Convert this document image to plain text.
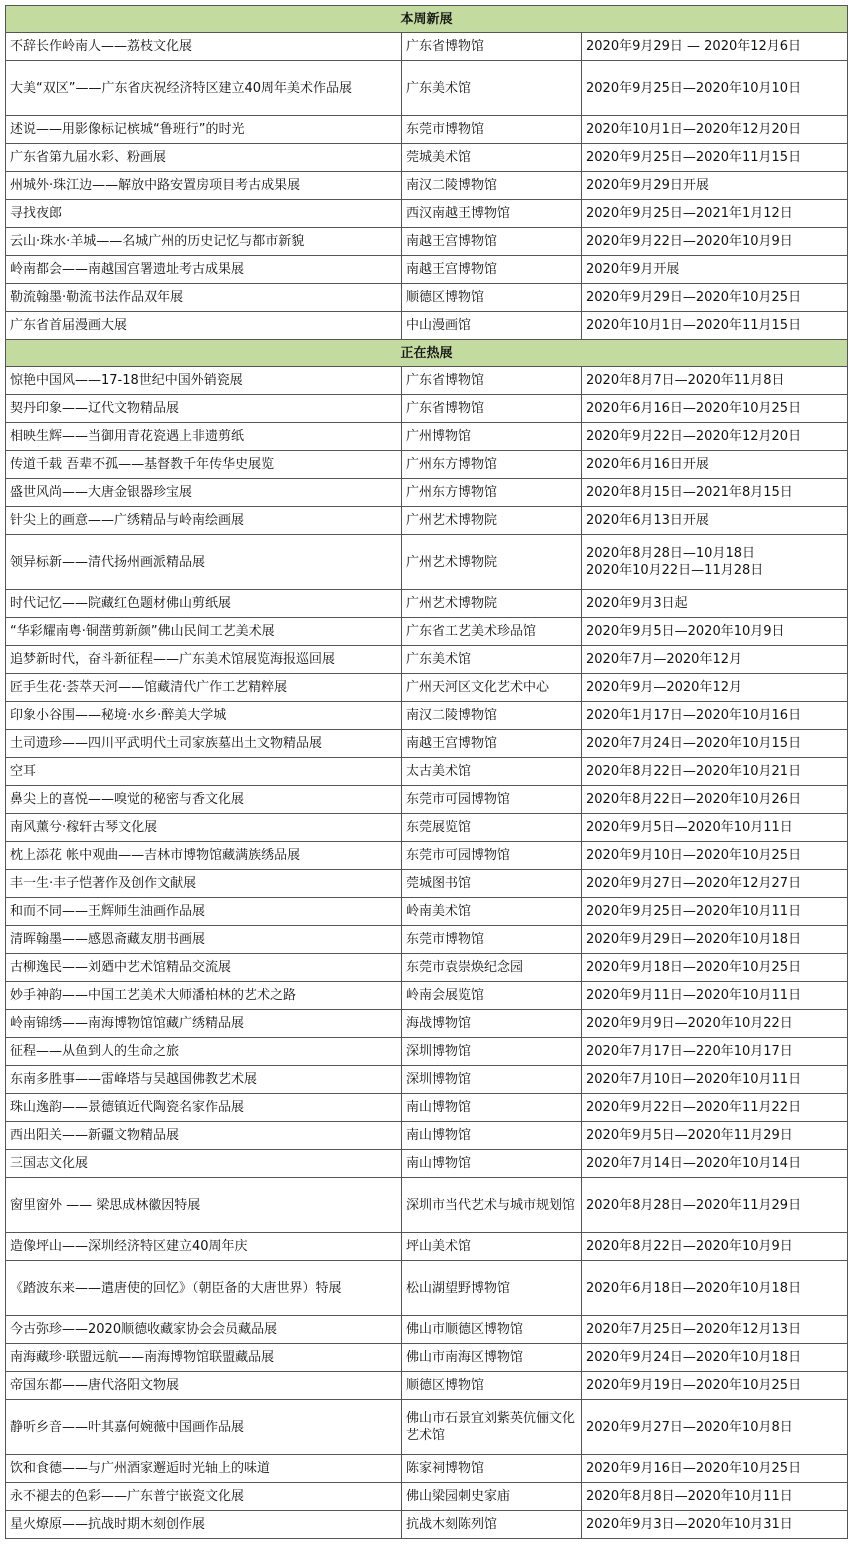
本周新展		
不辞长作岭南人——荔枝文化展	广东省博物馆	2020年9月29日 — 2020年12月6日

大美“双区”——广东省庆祝经济特区建立40周年美术作品展	广东美术馆	2020年9月25日—2020年10月10日

述说——用影像标记槟城“鲁班行”的时光	东莞市博物馆	2020年10月1日—2020年12月20日

广东省第九届水彩、粉画展	莞城美术馆	2020年9月25日—2020年11月15日

州城外·珠江边——解放中路安置房项目考古成果展	南汉二陵博物馆	2020年9月29日开展

寻找夜郎	西汉南越王博物馆	2020年9月25日—2021年1月12日

云山·珠水·羊城——名城广州的历史记忆与都市新貌	南越王宫博物馆	2020年9月22日—2020年10月9日

岭南都会——南越国宫署遗址考古成果展	南越王宫博物馆	2020年9月开展

勒流翰墨·勒流书法作品双年展	顺德区博物馆	2020年9月29日—2020年10月25日

广东省首届漫画大展	中山漫画馆	2020年10月1日—2020年11月15日

正在热展		
惊艳中国风——17-18世纪中国外销瓷展	广东省博物馆	2020年8月7日—2020年11月8日

契丹印象——辽代文物精品展	广东省博物馆	2020年6月16日—2020年10月25日

相映生辉——当御用青花瓷遇上非遗剪纸	广州博物馆	2020年9月22日—2020年12月20日

传道千载 吾辈不孤——基督教千年传华史展览	广州东方博物馆	2020年6月16日开展

盛世风尚——大唐金银器珍宝展	广州东方博物馆	2020年8月15日—2021年8月15日

针尖上的画意——广绣精品与岭南绘画展	广州艺术博物院	2020年6月13日开展

领异标新——清代扬州画派精品展	广州艺术博物院	2020年8月28日—10月18日
2020年10月22日—11月28日

时代记忆——院藏红色题材佛山剪纸展	广州艺术博物院	2020年9月3日起

“华彩耀南粤·铜凿剪新颜”佛山民间工艺美术展	广东省工艺美术珍品馆	2020年9月5日—2020年10月9日

追梦新时代，奋斗新征程——广东美术馆展览海报巡回展	广东美术馆	2020年7月—2020年12月

匠手生花·荟萃天河——馆藏清代广作工艺精粹展	广州天河区文化艺术中心	2020年9月—2020年12月

印象小谷围——秘境·水乡·醉美大学城	南汉二陵博物馆	2020年1月17日—2020年10月16日

土司遗珍——四川平武明代土司家族墓出土文物精品展	南越王宫博物馆	2020年7月24日—2020年10月15日

空耳	太古美术馆	2020年8月22日—2020年10月21日

鼻尖上的喜悦——嗅觉的秘密与香文化展	东莞市可园博物馆	2020年8月22日—2020年10月26日

南风薰兮·稼轩古琴文化展	东莞展览馆	2020年9月5日—2020年10月11日

枕上添花 帐中观曲——吉林市博物馆藏满族绣品展	东莞市可园博物馆	2020年9月10日—2020年10月25日

丰一生·丰子恺著作及创作文献展	莞城图书馆	2020年9月27日—2020年12月27日

和而不同——王辉师生油画作品展	岭南美术馆	2020年9月25日—2020年10月11日

清晖翰墨——感恩斋藏友朋书画展	东莞市博物馆	2020年9月29日—2020年10月18日

古柳逸民——刘廼中艺术馆精品交流展	东莞市袁崇焕纪念园	2020年9月18日—2020年10月25日

妙手神韵——中国工艺美术大师潘柏林的艺术之路	岭南会展览馆	2020年9月11日—2020年10月11日

岭南锦绣——南海博物馆馆藏广绣精品展	海战博物馆	2020年9月9日—2020年10月22日

征程——从鱼到人的生命之旅	深圳博物馆	2020年7月17日—220年10月17日

东南多胜事——雷峰塔与吴越国佛教艺术展	深圳博物馆	2020年7月10日—2020年10月11日

珠山逸韵——景德镇近代陶瓷名家作品展	南山博物馆	2020年9月22日—2020年11月22日

西出阳关——新疆文物精品展	南山博物馆	2020年9月5日—2020年11月29日

三国志文化展	南山博物馆	2020年7月14日—2020年10月14日

窗里窗外 —— 梁思成林徽因特展	深圳市当代艺术与城市规划馆	2020年8月28日—2020年11月29日

造像坪山——深圳经济特区建立40周年庆	坪山美术馆	2020年8月22日—2020年10月9日

《踏波东来——遣唐使的回忆》（朝臣备的大唐世界）特展	松山湖望野博物馆	2020年6月18日—2020年10月18日

今古弥珍——2020顺德收藏家协会会员藏品展	佛山市顺德区博物馆	2020年7月25日—2020年12月13日

南海藏珍·联盟远航——南海博物馆联盟藏品展	佛山市南海区博物馆	2020年9月24日—2020年10月18日

帝国东都——唐代洛阳文物展	顺德区博物馆	2020年9月19日—2020年10月25日

静听乡音——叶其嘉何婉薇中国画作品展	佛山市石景宜刘紫英伉俪文化艺术馆	2020年9月27日—2020年10月8日

饮和食德——与广州酒家邂逅时光轴上的味道	陈家祠博物馆	2020年9月16日—2020年10月25日

永不褪去的色彩——广东普宁嵌瓷文化展	佛山梁园刺史家庙	2020年8月8日—2020年10月11日

星火燎原——抗战时期木刻创作展	抗战木刻陈列馆	2020年9月3日—2020年10月31日
